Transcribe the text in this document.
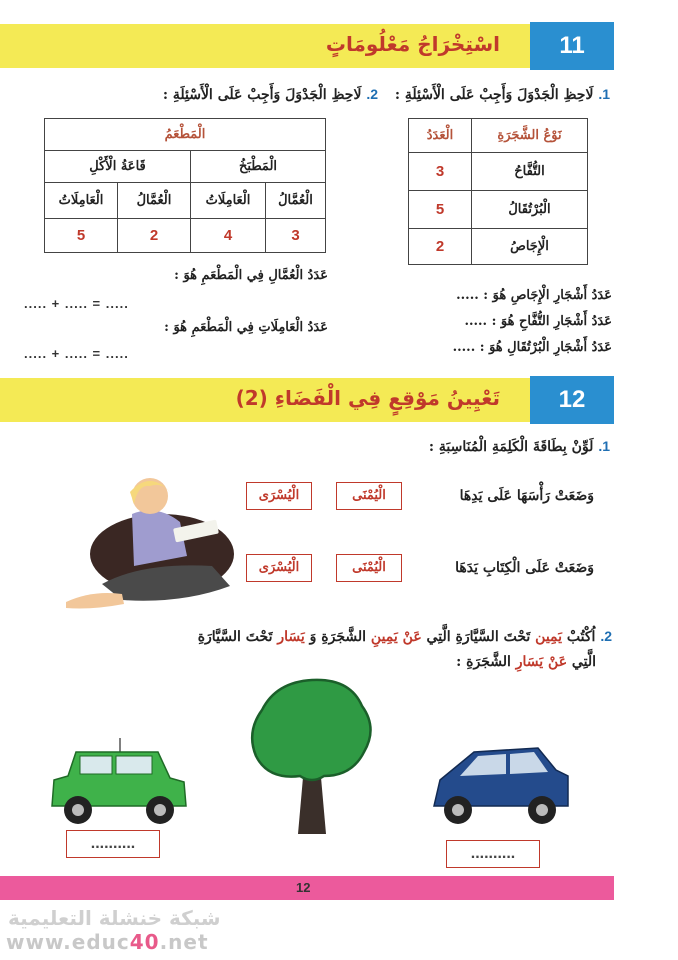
اسْتِخْرَاجُ مَعْلُومَاتٍ	11
1. لَاحِظِ الْجَدْوَلَ وَأَجِبْ عَلَى الْأَسْئِلَةِ :
الْعَدَدُ	نَوْعُ الشَّجَرَةِ
3	التُّفَّاحُ
5	الْبُرْتُقَالُ
2	الْإِجَاصُ
عَدَدُ أَشْجَارِ الْإِجَاصِ هُوَ : .....
عَدَدُ أَشْجَارِ التُّفَّاحِ هُوَ : .....
عَدَدُ أَشْجَارِ الْبُرْتُقَالِ هُوَ : .....
2. لَاحِظِ الْجَدْوَلَ وَأَجِبْ عَلَى الْأَسْئِلَةِ :
الْمَطْعَمُ			
قَاعَةُ الْأَكْلِ		الْمَطْبَخُ	
الْعَامِلَاتُ	الْعُمَّالُ	الْعَامِلَاتُ	الْعُمَّالُ
5	2	4	3
عَدَدُ الْعُمَّالِ فِي الْمَطْعَمِ هُوَ :
..... + ..... = .....
عَدَدُ الْعَامِلَاتِ فِي الْمَطْعَمِ هُوَ :
..... + ..... = .....
تَعْيِينُ مَوْقِعٍ فِي الْفَضَاءِ (2)	12
1. لَوِّنْ بِطَاقَةَ الْكَلِمَةِ الْمُنَاسِبَةِ :
وَضَعَتْ رَأْسَهَا عَلَى يَدِهَا
الْيُمْنَى
الْيُسْرَى
وَضَعَتْ عَلَى الْكِتَابِ يَدَهَا
الْيُمْنَى
الْيُسْرَى
2. اُكْتُبْ يَمِين تَحْتَ السَّيَّارَةِ الَّتِي عَنْ يَمِينِ الشَّجَرَةِ وَ يَسَار تَحْتَ السَّيَّارَةِ
الَّتِي عَنْ يَسَارِ الشَّجَرَةِ :
..........
..........
12
شبكة خنشلة التعليمية
www.educ40.net
